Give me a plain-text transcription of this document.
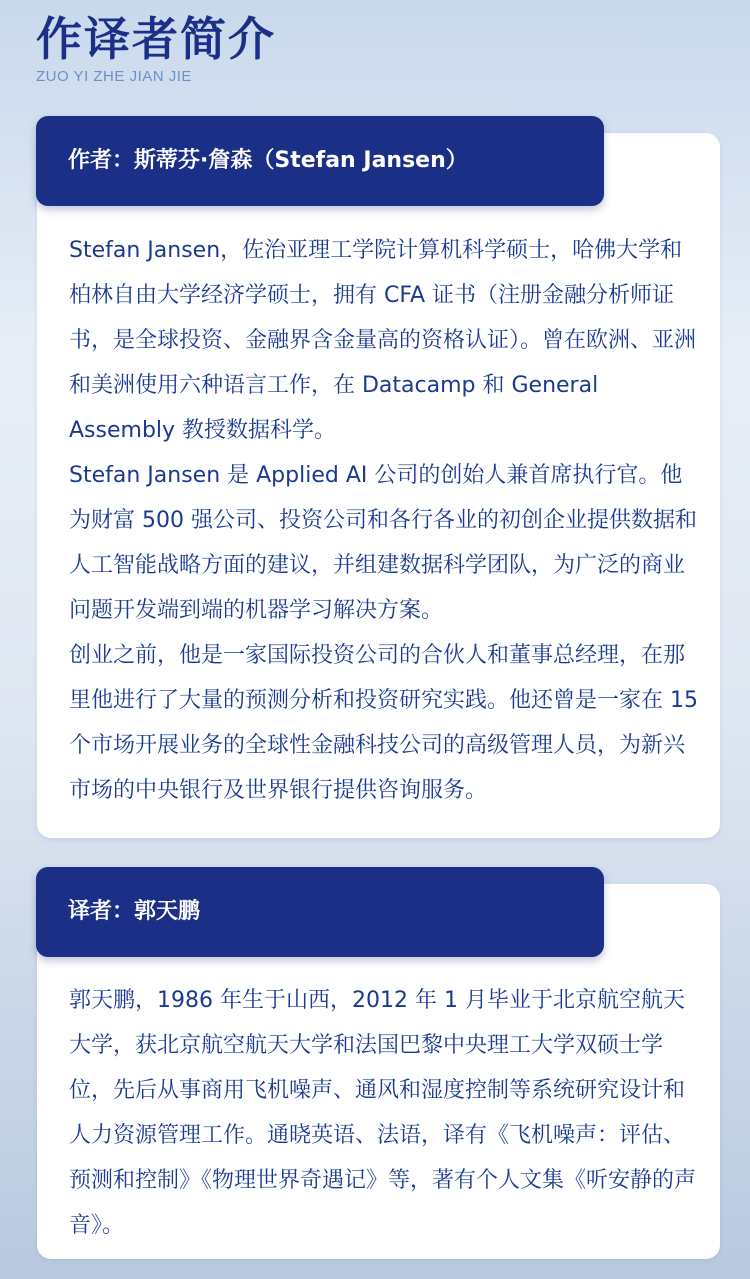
作译者简介
ZUO YI ZHE JIAN JIE
作者：斯蒂芬·詹森（Stefan Jansen）

Stefan Jansen，佐治亚理工学院计算机科学硕士，哈佛大学和柏林自由大学经济学硕士，拥有 CFA 证书（注册金融分析师证书，是全球投资、金融界含金量高的资格认证）。曾在欧洲、亚洲和美洲使用六种语言工作，在 Datacamp 和 General Assembly 教授数据科学。

Stefan Jansen 是 Applied AI 公司的创始人兼首席执行官。他为财富 500 强公司、投资公司和各行各业的初创企业提供数据和人工智能战略方面的建议，并组建数据科学团队，为广泛的商业问题开发端到端的机器学习解决方案。

创业之前，他是一家国际投资公司的合伙人和董事总经理，在那里他进行了大量的预测分析和投资研究实践。他还曾是一家在 15 个市场开展业务的全球性金融科技公司的高级管理人员，为新兴市场的中央银行及世界银行提供咨询服务。

译者：郭天鹏

郭天鹏，1986 年生于山西，2012 年 1 月毕业于北京航空航天大学，获北京航空航天大学和法国巴黎中央理工大学双硕士学位，先后从事商用飞机噪声、通风和湿度控制等系统研究设计和人力资源管理工作。通晓英语、法语，译有《飞机噪声：评估、预测和控制》《物理世界奇遇记》等，著有个人文集《听安静的声音》。
